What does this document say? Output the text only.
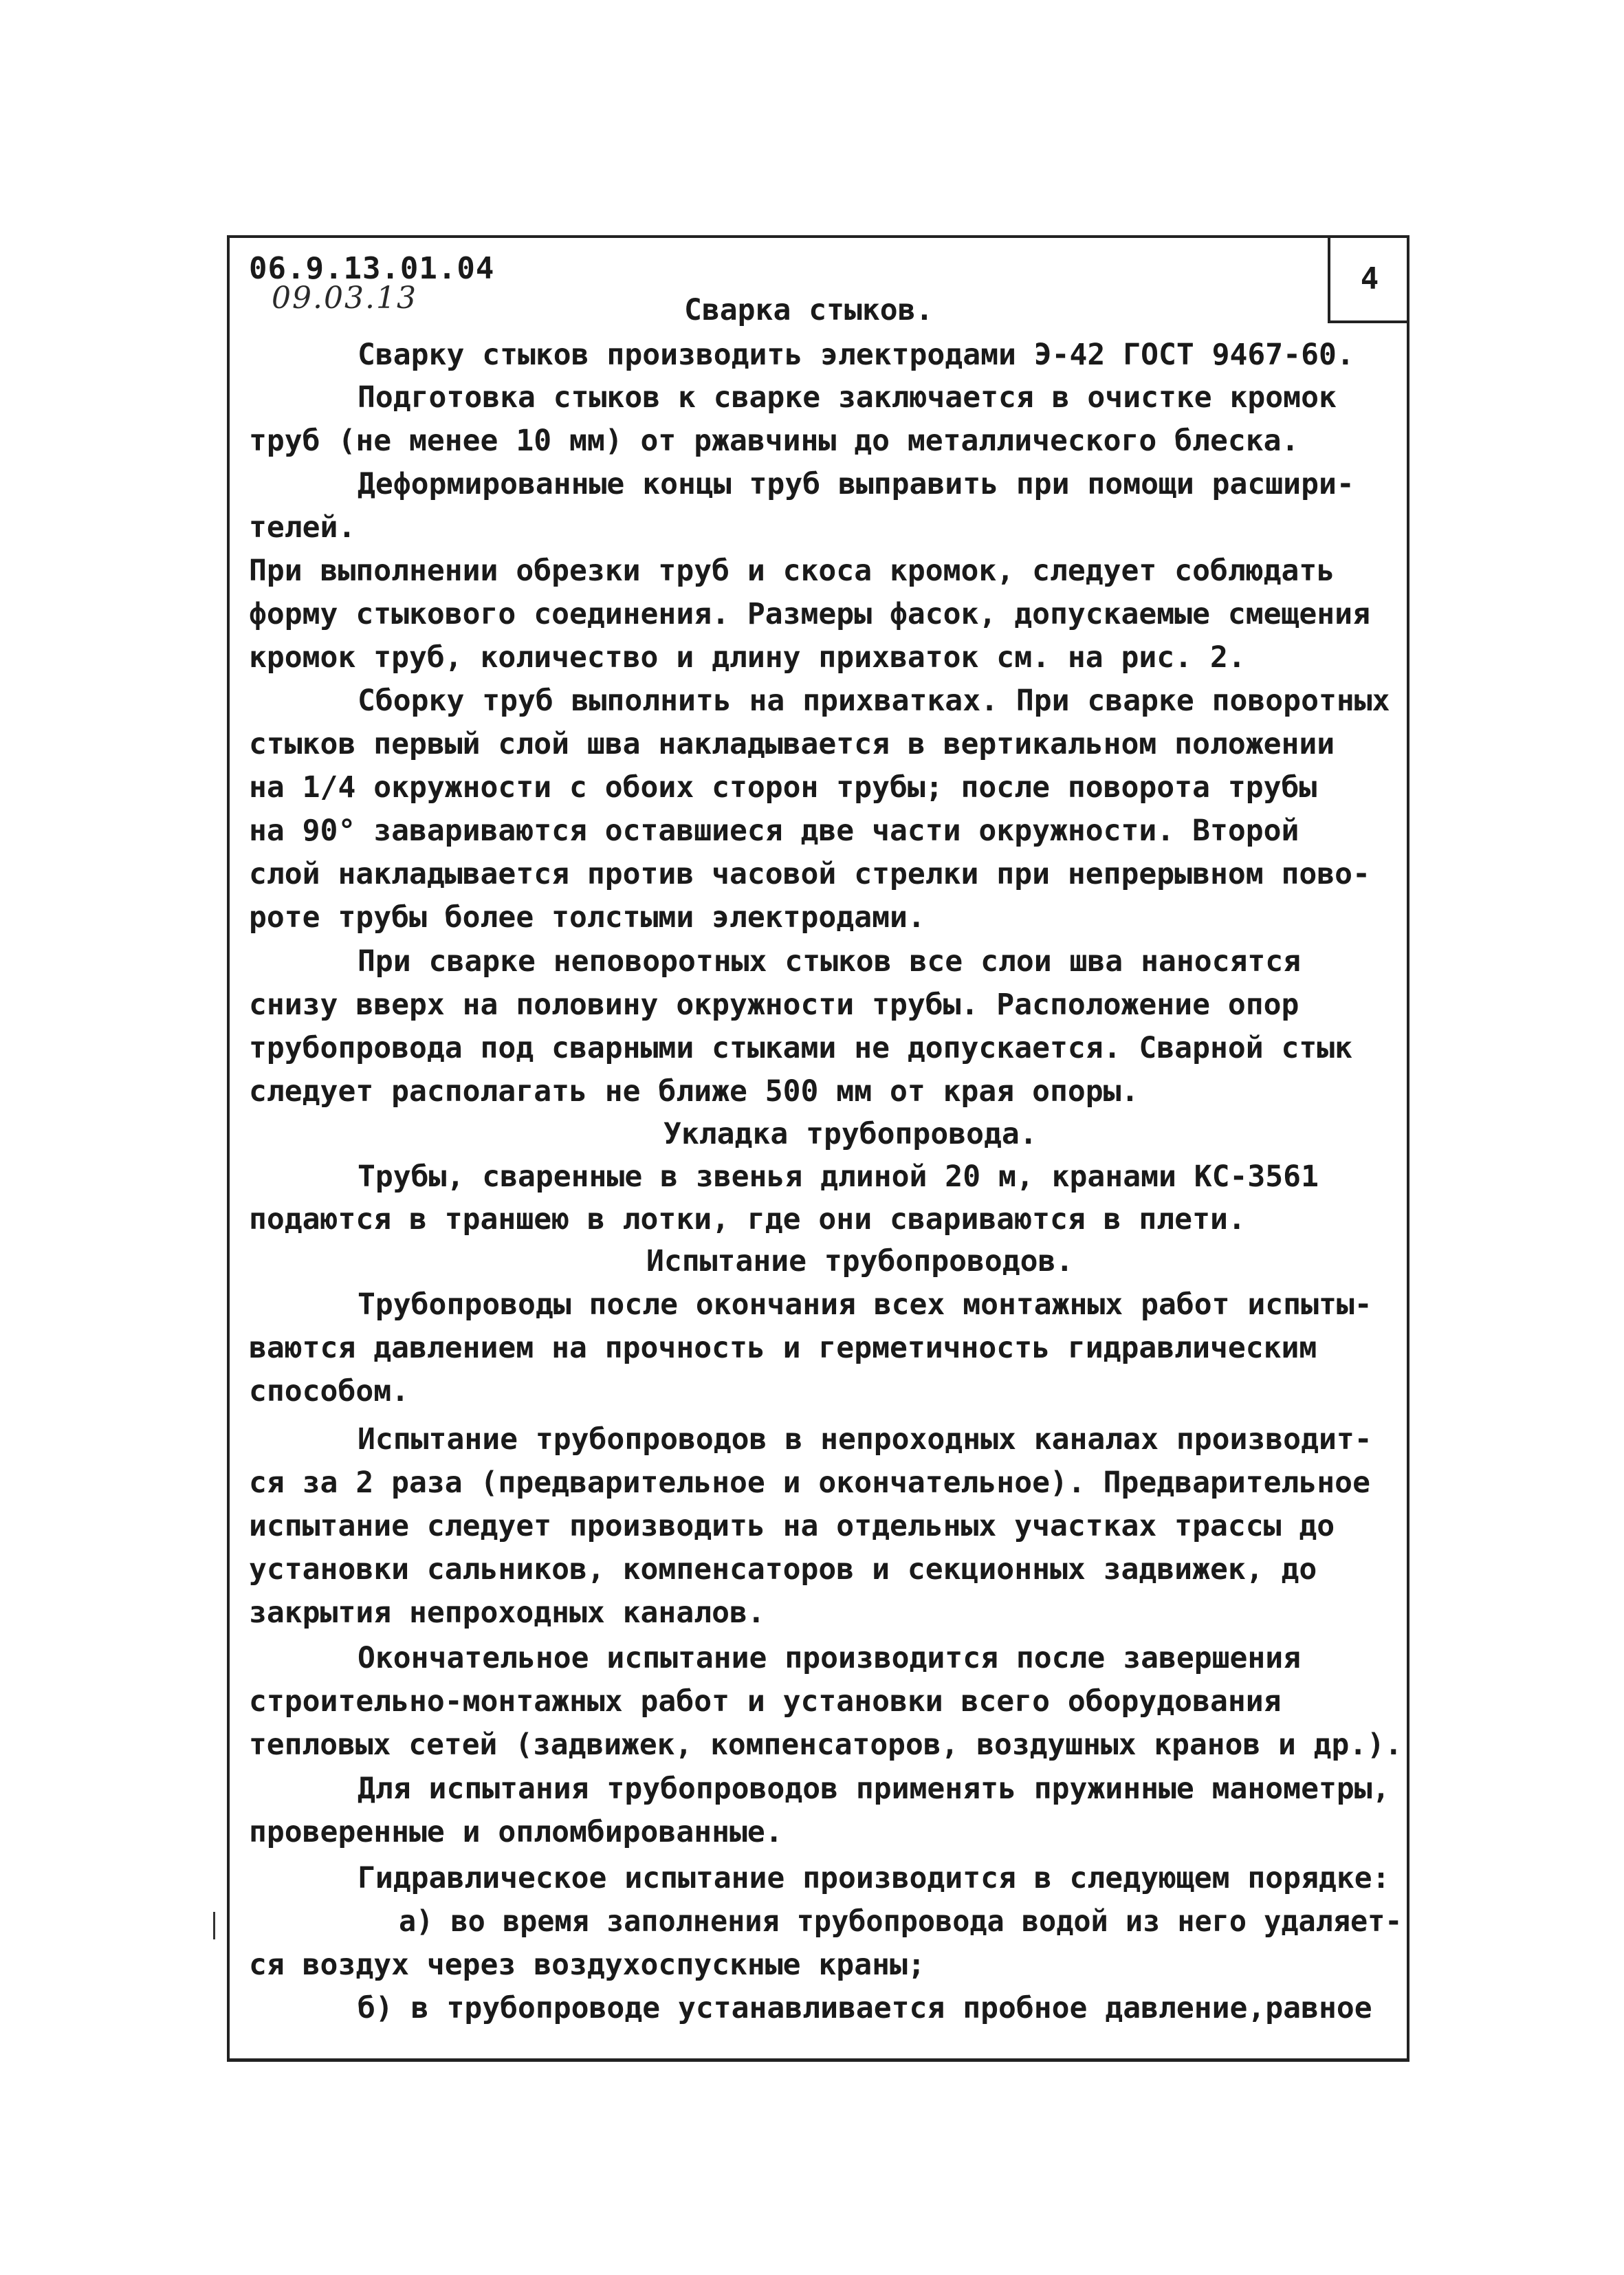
4
06.9.13.01.04
09.03.13	Сварка стыков.
Сварку стыков производить электродами Э-42 ГОСТ 9467-60.
Подготовка стыков к сварке заключается в очистке кромок
труб (не менее 10 мм) от ржавчины до металлического блеска.
Деформированные концы труб выправить при помощи расшири-
телей.
При выполнении обрезки труб и скоса кромок, следует соблюдать
форму стыкового соединения. Размеры фасок, допускаемые смещения
кромок труб, количество и длину прихваток см. на рис. 2.
Сборку труб выполнить на прихватках. При сварке поворотных
стыков первый слой шва накладывается в вертикальном положении
на 1/4 окружности с обоих сторон трубы; после поворота трубы
на 90° завариваются оставшиеся две части окружности. Второй
слой накладывается против часовой стрелки при непрерывном пово-
роте трубы более толстыми электродами.
При сварке неповоротных стыков все слои шва наносятся
снизу вверх на половину окружности трубы. Расположение опор
трубопровода под сварными стыками не допускается. Сварной стык
следует располагать не ближе 500 мм от края опоры.
Укладка трубопровода.
Трубы, сваренные в звенья длиной 20 м, кранами КС-3561
подаются в траншею в лотки, где они свариваются в плети.
Испытание трубопроводов.
Трубопроводы после окончания всех монтажных работ испыты-
ваются давлением на прочность и герметичность гидравлическим
способом.
Испытание трубопроводов в непроходных каналах производит-
ся за 2 раза (предварительное и окончательное). Предварительное
испытание следует производить на отдельных участках трассы до
установки сальников, компенсаторов и секционных задвижек, до
закрытия непроходных каналов.
Окончательное испытание производится после завершения
строительно-монтажных работ и установки всего оборудования
тепловых сетей (задвижек, компенсаторов, воздушных кранов и др.).
Для испытания трубопроводов применять пружинные манометры,
проверенные и опломбированные.
Гидравлическое испытание производится в следующем порядке:
а) во время заполнения трубопровода водой из него удаляет-
ся воздух через воздухоспускные краны;
б) в трубопроводе устанавливается пробное давление,равное
